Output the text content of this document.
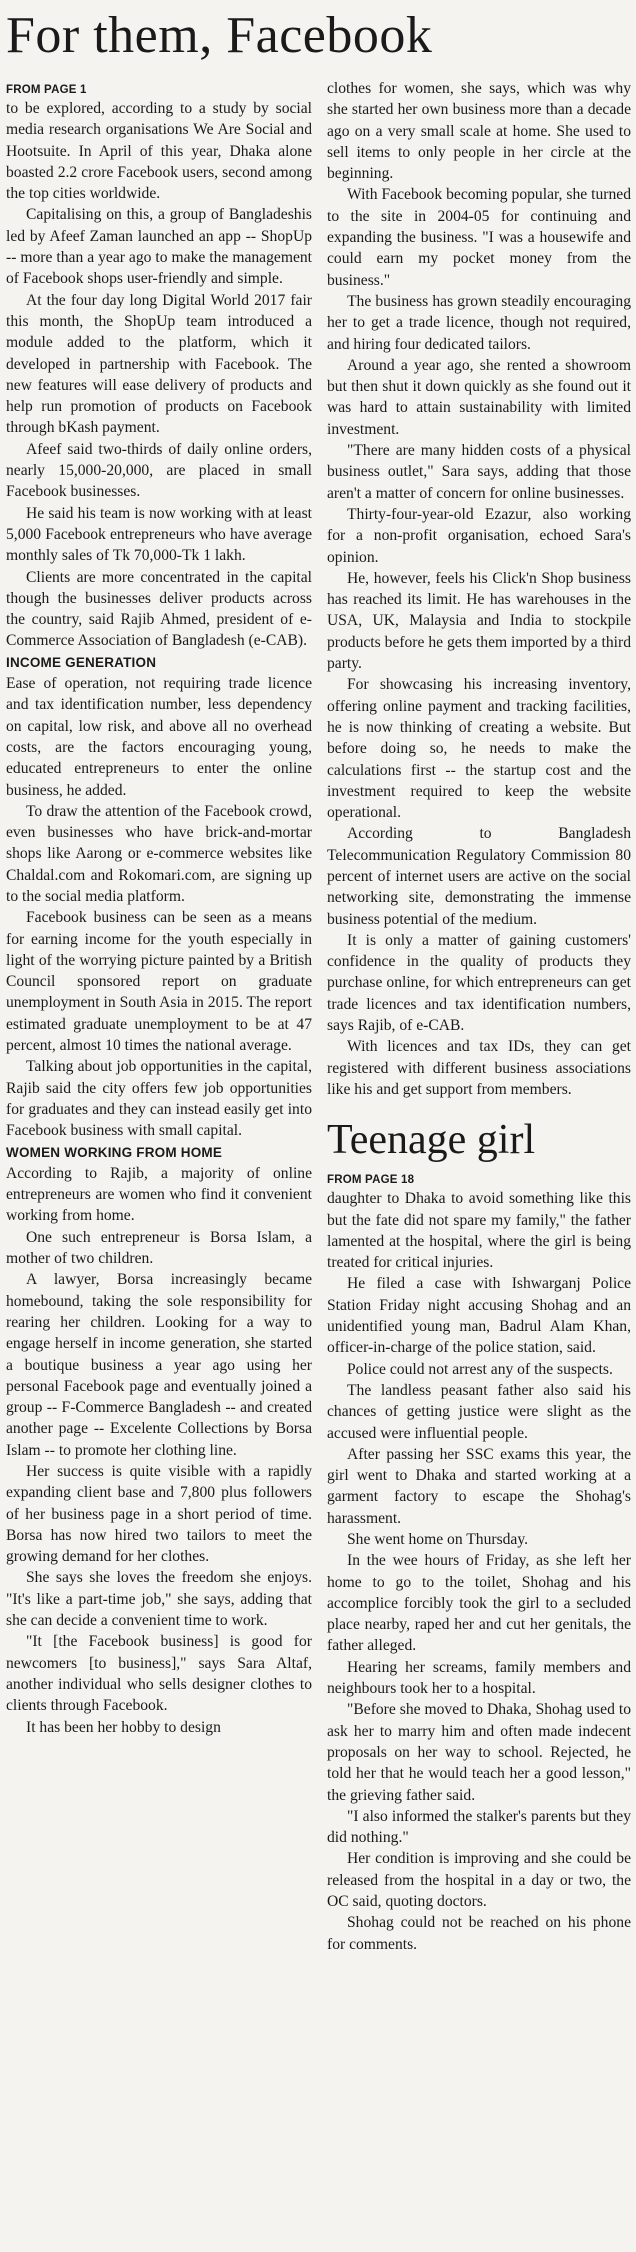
For them, Facebook
FROM PAGE 1

to be explored, according to a study by social media research organisations We Are Social and Hootsuite. In April of this year, Dhaka alone boasted 2.2 crore Facebook users, second among the top cities worldwide.

Capitalising on this, a group of Bangladeshis led by Afeef Zaman launched an app -- ShopUp -- more than a year ago to make the management of Facebook shops user-friendly and simple.

At the four day long Digital World 2017 fair this month, the ShopUp team introduced a module added to the platform, which it developed in partnership with Facebook. The new features will ease delivery of products and help run promotion of products on Facebook through bKash payment.

Afeef said two-thirds of daily online orders, nearly 15,000-20,000, are placed in small Facebook businesses.

He said his team is now working with at least 5,000 Facebook entrepreneurs who have average monthly sales of Tk 70,000-Tk 1 lakh.

Clients are more concentrated in the capital though the businesses deliver products across the country, said Rajib Ahmed, president of e-Commerce Association of Bangladesh (e-CAB).

INCOME GENERATION

Ease of operation, not requiring trade licence and tax identification number, less dependency on capital, low risk, and above all no overhead costs, are the factors encouraging young, educated entrepreneurs to enter the online business, he added.

To draw the attention of the Facebook crowd, even businesses who have brick-and-mortar shops like Aarong or e-commerce websites like Chaldal.com and Rokomari.com, are signing up to the social media platform.

Facebook business can be seen as a means for earning income for the youth especially in light of the worrying picture painted by a British Council sponsored report on graduate unemployment in South Asia in 2015. The report estimated graduate unemployment to be at 47 percent, almost 10 times the national average.

Talking about job opportunities in the capital, Rajib said the city offers few job opportunities for graduates and they can instead easily get into Facebook business with small capital.

WOMEN WORKING FROM HOME

According to Rajib, a majority of online entrepreneurs are women who find it convenient working from home.

One such entrepreneur is Borsa Islam, a mother of two children.

A lawyer, Borsa increasingly became homebound, taking the sole responsibility for rearing her children. Looking for a way to engage herself in income generation, she started a boutique business a year ago using her personal Facebook page and eventually joined a group -- F-Commerce Bangladesh -- and created another page -- Excelente Collections by Borsa Islam -- to promote her clothing line.

Her success is quite visible with a rapidly expanding client base and 7,800 plus followers of her business page in a short period of time. Borsa has now hired two tailors to meet the growing demand for her clothes.

She says she loves the freedom she enjoys. "It's like a part-time job," she says, adding that she can decide a convenient time to work.

"It [the Facebook business] is good for newcomers [to business]," says Sara Altaf, another individual who sells designer clothes to clients through Facebook.

It has been her hobby to design

clothes for women, she says, which was why she started her own business more than a decade ago on a very small scale at home. She used to sell items to only people in her circle at the beginning.

With Facebook becoming popular, she turned to the site in 2004-05 for continuing and expanding the business. "I was a housewife and could earn my pocket money from the business."

The business has grown steadily encouraging her to get a trade licence, though not required, and hiring four dedicated tailors.

Around a year ago, she rented a showroom but then shut it down quickly as she found out it was hard to attain sustainability with limited investment.

"There are many hidden costs of a physical business outlet," Sara says, adding that those aren't a matter of concern for online businesses.

Thirty-four-year-old Ezazur, also working for a non-profit organisation, echoed Sara's opinion.

He, however, feels his Click'n Shop business has reached its limit. He has warehouses in the USA, UK, Malaysia and India to stockpile products before he gets them imported by a third party.

For showcasing his increasing inventory, offering online payment and tracking facilities, he is now thinking of creating a website. But before doing so, he needs to make the calculations first -- the startup cost and the investment required to keep the website operational.

According to Bangladesh Telecommunication Regulatory Commission 80 percent of internet users are active on the social networking site, demonstrating the immense business potential of the medium.

It is only a matter of gaining customers' confidence in the quality of products they purchase online, for which entrepreneurs can get trade licences and tax identification numbers, says Rajib, of e-CAB.

With licences and tax IDs, they can get registered with different business associations like his and get support from members.

Teenage girl
FROM PAGE 18

daughter to Dhaka to avoid something like this but the fate did not spare my family," the father lamented at the hospital, where the girl is being treated for critical injuries.

He filed a case with Ishwarganj Police Station Friday night accusing Shohag and an unidentified young man, Badrul Alam Khan, officer-in-charge of the police station, said.

Police could not arrest any of the suspects.

The landless peasant father also said his chances of getting justice were slight as the accused were influential people.

After passing her SSC exams this year, the girl went to Dhaka and started working at a garment factory to escape the Shohag's harassment.

She went home on Thursday.

In the wee hours of Friday, as she left her home to go to the toilet, Shohag and his accomplice forcibly took the girl to a secluded place nearby, raped her and cut her genitals, the father alleged.

Hearing her screams, family members and neighbours took her to a hospital.

"Before she moved to Dhaka, Shohag used to ask her to marry him and often made indecent proposals on her way to school. Rejected, he told her that he would teach her a good lesson," the grieving father said.

"I also informed the stalker's parents but they did nothing."

Her condition is improving and she could be released from the hospital in a day or two, the OC said, quoting doctors.

Shohag could not be reached on his phone for comments.
